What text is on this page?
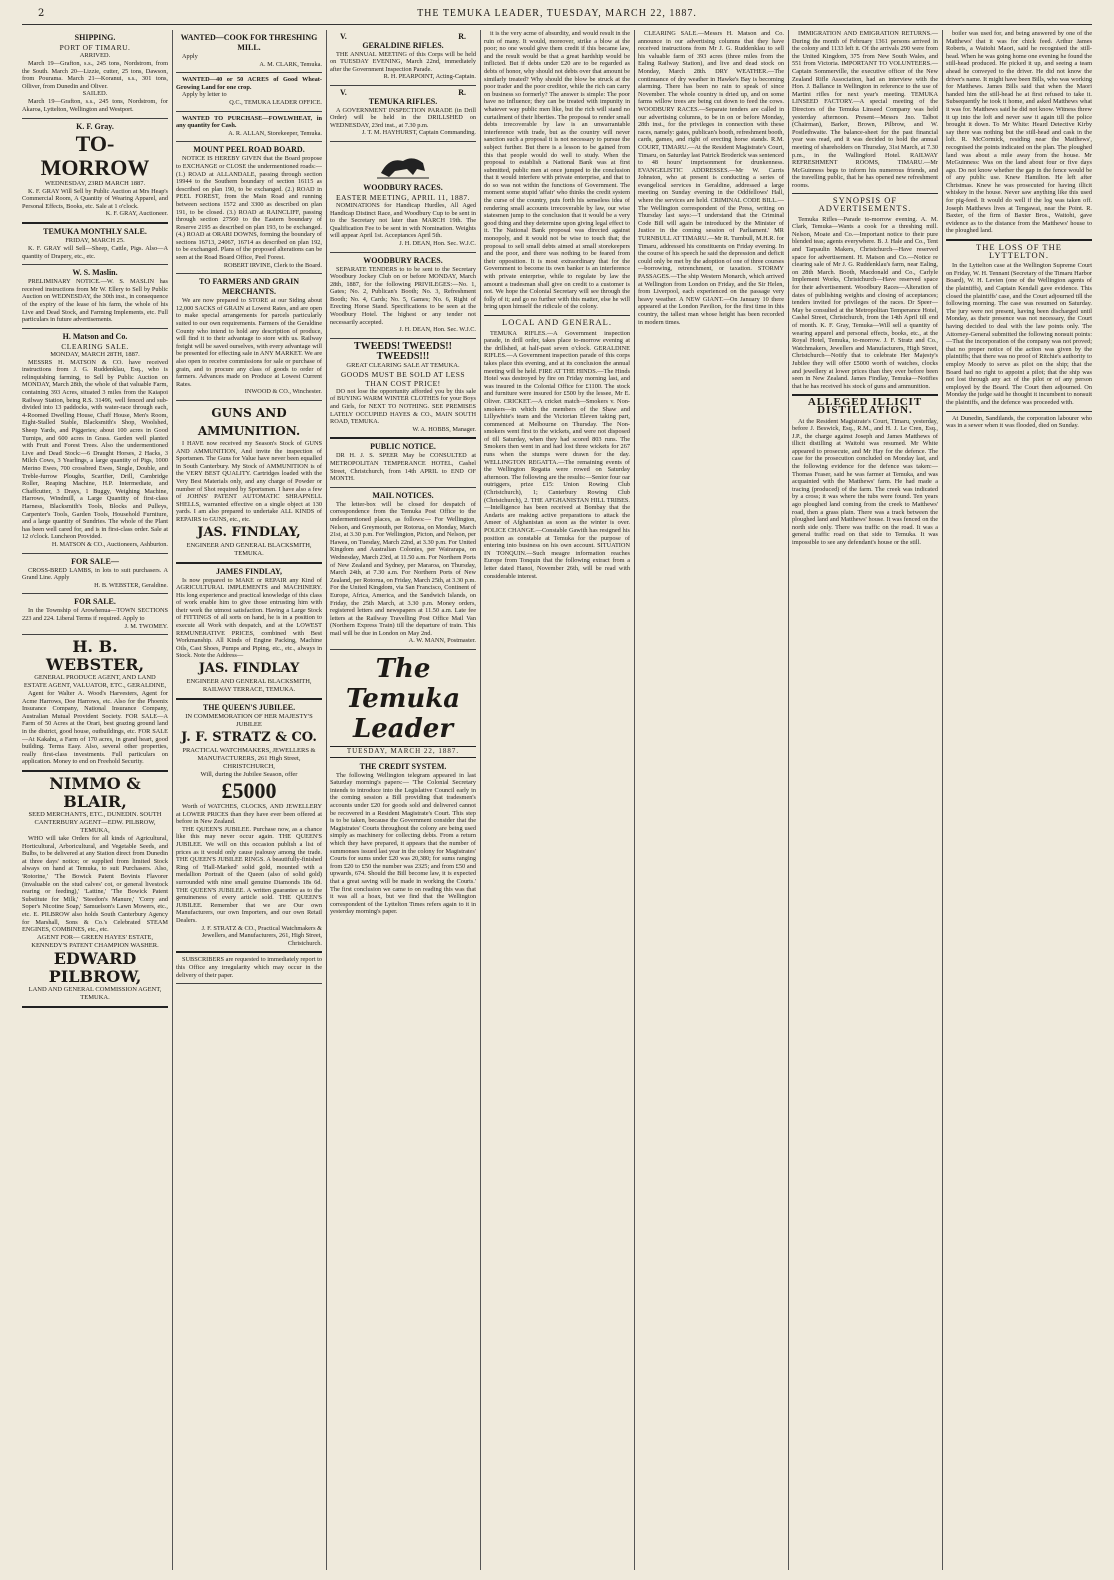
2	THE TEMUKA LEADER, TUESDAY, MARCH 22, 1887.
SHIPPING.
PORT OF TIMARU.
ARRIVED.
March 19—Grafton, s.s., 245 tons, Nordstrom, from the South. March 20—Lizzie, cutter, 25 tons, Dawson, from Pourama. March 21—Koranui, s.s., 301 tons, Olliver, from Dunedin and Oliver.
SAILED.
March 19—Grafton, s.s., 245 tons, Nordstrom, for Akaroa, Lyttelton, Wellington and Westport.
K. F. Gray.
TO-MORROW
WEDNESDAY, 23RD MARCH 1887.
K. F. GRAY Will Sell by Public Auction at Mrs Heap's Commercial Room, A Quantity of Wearing Apparel, and Personal Effects, Books, etc. Sale at 1 o'clock.
K. F. GRAY, Auctioneer.
TEMUKA MONTHLY SALE.
FRIDAY, MARCH 25.
K. F. GRAY will Sell—Sheep, Cattle, Pigs. Also—A quantity of Drapery, etc., etc.
W. S. Maslin.
PRELIMINARY NOTICE.—W. S. MASLIN has received instructions from Mr W. Ellery to Sell by Public Auction on WEDNESDAY, the 30th inst., in consequence of the expiry of the lease of his farm, the whole of his Live and Dead Stock, and Farming Implements, etc. Full particulars in future advertisements.
H. Matson and Co.
CLEARING SALE.
MONDAY, MARCH 28TH, 1887.
MESSRS H. MATSON & CO. have received instructions from J. G. Ruddenklau, Esq., who is relinquishing farming, to Sell by Public Auction on MONDAY, March 28th, the whole of that valuable Farm, containing 393 Acres, situated 3 miles from the Kaiapoi Railway Station, being R.S. 31496, well fenced and sub-divided into 13 paddocks, with water-race through each, 4-Roomed Dwelling House, Chaff House, Men's Room, Eight-Stalled Stable, Blacksmith's Shop, Woolshed, Sheep Yards, and Piggeries; about 100 acres in Good Turnips, and 600 acres in Grass. Garden well planted with Fruit and Forest Trees. Also the undermentioned Live and Dead Stock:—6 Draught Horses, 2 Hacks, 3 Milch Cows, 3 Yearlings, a large quantity of Pigs, 1000 Merino Ewes, 700 crossbred Ewes, Single, Double, and Treble-furrow Ploughs, Scarifier, Drill, Cambridge Roller, Reaping Machine, H.P. Intermediate, and Chaffcutter, 3 Drays, 1 Buggy, Weighing Machine, Harrows, Windmill, a Large Quantity of first-class Harness, Blacksmith's Tools, Blocks and Pulleys, Carpenter's Tools, Garden Tools, Household Furniture, and a large quantity of Sundries. The whole of the Plant has been well cared for, and is in first-class order. Sale at 12 o'clock. Luncheon Provided.
H. MATSON & CO., Auctioneers, Ashburton.
FOR SALE—
CROSS-BRED LAMBS, in lots to suit purchasers. A Grand Line. Apply
H. B. WEBSTER, Geraldine.
FOR SALE.
In the Township of Arowhenua—TOWN SECTIONS 223 and 224. Liberal Terms if required. Apply to
J. M. TWOMEY.
H. B. WEBSTER,
GENERAL PRODUCE AGENT, AND LAND ESTATE AGENT, VALUATOR, ETC., GERALDINE,
Agent for Walter A. Wood's Harvesters, Agent for Acme Harrows, Doe Harrows, etc. Also for the Phoenix Insurance Company, National Insurance Company, Australian Mutual Provident Society. FOR SALE—A Farm of 50 Acres at the Orari, best grazing ground land in the district, good house, outbuildings, etc. FOR SALE—At Kakahu, a Farm of 170 acres, in grand heart, good building. Terms Easy. Also, several other properties, really first-class investments. Full particulars on application. Money to end on Freehold Security.
NIMMO & BLAIR,
SEED MERCHANTS, ETC., DUNEDIN. SOUTH CANTERBURY AGENT—EDW. PILBROW, TEMUKA,
WHO will take Orders for all kinds of Agricultural, Horticultural, Arboricultural, and Vegetable Seeds, and Bulbs, to be delivered at any Station direct from Dunedin at three days' notice; or supplied from limited Stock always on hand at Temuka, to suit Purchasers. Also, 'Rotorine,' 'The Bowick Patent Bovinis Flavorer (invaluable on the stud calves' cot, or general livestock rearing or feeding),' 'Lattine,' 'The Bowick Patent Substitute for Milk,' 'Steedon's Manure,' 'Corry and Soper's Nicotine Soap,' Samuelson's Lawn Mowers, etc., etc. E. PILBROW also holds South Canterbury Agency for Marshall, Sons & Co.'s Celebrated STEAM ENGINES, COMBINES, etc., etc.
AGENT FOR— GREEN HAYES' ESTATE, KENNEDY'S PATENT CHAMPION WASHER.
EDWARD PILBROW,
LAND AND GENERAL COMMISSION AGENT, TEMUKA.
WANTED—COOK FOR THRESHING MILL.
Apply
A. M. CLARK, Temuka.
WANTED—40 or 50 ACRES of Good Wheat-Growing Land for one crop.
Apply by letter to
Q.C., TEMUKA LEADER OFFICE.
WANTED TO PURCHASE—FOWLWHEAT, in any quantity for Cash.
A. R. ALLAN, Storekeeper, Temuka.
MOUNT PEEL ROAD BOARD.
NOTICE IS HEREBY GIVEN that the Board propose to EXCHANGE or CLOSE the undermentioned roads:— (1.) ROAD at ALLANDALE, passing through section 19944 to the Southern boundary of section 16115 as described on plan 190, to be exchanged. (2.) ROAD in PEEL FOREST, from the Main Road and running between sections 1572 and 3300 as described on plan 191, to be closed. (3.) ROAD at RAINCLIFF, passing through section 27560 to the Eastern boundary of Reserve 2195 as described on plan 193, to be exchanged. (4.) ROAD at ORARI DOWNS, forming the boundary of sections 16713, 24067, 16714 as described on plan 192, to be exchanged. Plans of the proposed alterations can be seen at the Road Board Office, Peel Forest.
ROBERT IRVINE, Clerk to the Board.
TO FARMERS AND GRAIN MERCHANTS.
We are now prepared to STORE at our Siding about 12,000 SACKS of GRAIN at Lowest Rates, and are open to make special arrangements for parcels particularly suited to our own requirements. Farmers of the Geraldine County who intend to hold any description of produce, will find it to their advantage to store with us. Railway freight will be saved ourselves, with every advantage will be presented for effecting sale in ANY MARKET. We are also open to receive commissions for sale or purchase of grain, and to procure any class of goods to order of farmers. Advances made on Produce at Lowest Current Rates.
INWOOD & CO., Winchester.
GUNS AND AMMUNITION.
I HAVE now received my Season's Stock of GUNS AND AMMUNITION, And invite the inspection of Sportsmen. The Guns for Value have never been equalled in South Canterbury. My Stock of AMMUNITION is of the VERY BEST QUALITY. Cartridges loaded with the Very Best Materials only, and any charge of Powder or number of Shot required by Sportsmen. I have also a few of JOHNS' PATENT AUTOMATIC SHRAPNELL SHELLS, warranted effective on a single object at 130 yards. I am also prepared to undertake ALL KINDS of REPAIRS to GUNS, etc., etc.
JAS. FINDLAY,
ENGINEER AND GENERAL BLACKSMITH, TEMUKA.
JAMES FINDLAY,
Is now prepared to MAKE or REPAIR any Kind of AGRICULTURAL IMPLEMENTS and MACHINERY. His long experience and practical knowledge of this class of work enable him to give those entrusting him with their work the utmost satisfaction. Having a Large Stock of FITTINGS of all sorts on hand, he is in a position to execute all Work with despatch, and at the LOWEST REMUNERATIVE PRICES, combined with Best Workmanship. All Kinds of Engine Packing, Machine Oils, Cast Shoes, Pumps and Piping, etc., etc., always in Stock. Note the Address—
JAS. FINDLAY
ENGINEER AND GENERAL BLACKSMITH, RAILWAY TERRACE, TEMUKA.
THE QUEEN'S JUBILEE.
IN COMMEMORATION OF HER MAJESTY'S JUBILEE
J. F. STRATZ & CO.
PRACTICAL WATCHMAKERS, JEWELLERS & MANUFACTURERS, 261 High Street, CHRISTCHURCH,
Will, during the Jubilee Season, offer
£5000
Worth of WATCHES, CLOCKS, AND JEWELLERY at LOWER PRICES than they have ever been offered at before in New Zealand.
THE QUEEN'S JUBILEE. Purchase now, as a chance like this may never occur again. THE QUEEN'S JUBILEE. We will on this occasion publish a list of prices as it would only cause jealousy among the trade. THE QUEEN'S JUBILEE RINGS. A beautifully-finished Ring of 'Hall-Marked' solid gold, mounted with a medallion Portrait of the Queen (also of solid gold) surrounded with nine small genuine Diamonds 18s 6d. THE QUEEN'S JUBILEE. A written guarantee as to the genuineness of every article sold. THE QUEEN'S JUBILEE. Remember that we are Our own Manufacturers, our own Importers, and our own Retail Dealers.
J. F. STRATZ & CO., Practical Watchmakers & Jewellers, and Manufacturers, 261, High Street, Christchurch.
SUBSCRIBERS are requested to immediately report to this Office any irregularity which may occur in the delivery of their paper.
V.	R.
GERALDINE RIFLES.
THE ANNUAL MEETING of this Corps will be held on TUESDAY EVENING, March 22nd, immediately after the Government Inspection Parade.
R. H. PEARPOINT, Acting-Captain.
V.	R.
TEMUKA RIFLES.
A GOVERNMENT INSPECTION PARADE (in Drill Order) will be held in the DRILLSHED on WEDNESDAY, 23rd inst., at 7.30 p.m.
J. T. M. HAYHURST, Captain Commanding.
WOODBURY RACES.
EASTER MEETING, APRIL 11, 1887.
NOMINATIONS for Handicap Hurdles, All Aged Handicap Distinct Race, and Woodbury Cup to be sent in to the Secretary not later than MARCH 19th. The Qualification Fee to be sent in with Nomination. Weights will appear April 1st. Acceptances April 5th.
J. H. DEAN, Hon. Sec. W.J.C.
WOODBURY RACES.
SEPARATE TENDERS to to be sent to the Secretary Woodbury Jockey Club on or before MONDAY, March 28th, 1887, for the following PRIVILEGES:—No. 1, Gates; No. 2, Publican's Booth; No. 3, Refreshment Booth; No. 4, Cards; No. 5, Games; No. 6, Right of Erecting Horse Stand. Specifications to be seen at the Woodbury Hotel. The highest or any tender not necessarily accepted.
J. H. DEAN, Hon. Sec. W.J.C.
TWEEDS! TWEEDS!! TWEEDS!!!
GREAT CLEARING SALE AT TEMUKA.
GOODS MUST BE SOLD AT LESS THAN COST PRICE!
DO not lose the opportunity afforded you by this sale of BUYING WARM WINTER CLOTHES for your Boys and Girls, for NEXT TO NOTHING. SEE PREMISES LATELY OCCUPIED HAYES & CO., MAIN SOUTH ROAD, TEMUKA.
W. A. HOBBS, Manager.
PUBLIC NOTICE.
DR H. J. S. SPEER May be CONSULTED at METROPOLITAN TEMPERANCE HOTEL, Cashel Street, Christchurch, from 14th APRIL to END OF MONTH.
MAIL NOTICES.
The letter-box will be closed for despatch of correspondence from the Temuka Post Office to the undermentioned places, as follows:— For Wellington, Nelson, and Greymouth, per Rotorua, on Monday, March 21st, at 3.30 p.m. For Wellington, Picton, and Nelson, per Hawea, on Tuesday, March 22nd, at 3.30 p.m. For United Kingdom and Australian Colonies, per Wairarapa, on Wednesday, March 23rd, at 11.50 a.m. For Northern Ports of New Zealand and Sydney, per Mararoa, on Thursday, March 24th, at 7.30 a.m. For Northern Ports of New Zealand, per Rotorua, on Friday, March 25th, at 3.30 p.m. For the United Kingdom, via San Francisco, Continent of Europe, Africa, America, and the Sandwich Islands, on Friday, the 25th March, at 3.30 p.m. Money orders, registered letters and newspapers at 11.50 a.m. Late fee letters at the Railway Travelling Post Office Mail Van (Northern Express Train) till the departure of train. This mail will be due in London on May 2nd.
A. W. MANN, Postmaster.
The Temuka Leader
TUESDAY, MARCH 22, 1887.
THE CREDIT SYSTEM.
The following Wellington telegram appeared in last Saturday morning's papers:— 'The Colonial Secretary intends to introduce into the Legislative Council early in the coming session a Bill providing that tradesmen's accounts under £20 for goods sold and delivered cannot be recovered in a Resident Magistrate's Court. This step is to be taken, because the Government consider that the Magistrates' Courts throughout the colony are being used simply as machinery for collecting debts. From a return which they have prepared, it appears that the number of summonses issued last year in the colony for Magistrates' Courts for sums under £20 was 20,380; for sums ranging from £20 to £50 the number was 2325; and from £50 and upwards, 674. Should the Bill become law, it is expected that a great saving will be made in working the Courts.' The first conclusion we came to on reading this was that it was all a hoax, but we find that the Wellington correspondent of the Lyttelton Times refers again to it in yesterday morning's paper.
it is the very acme of absurdity, and would result in the ruin of many. It would, moreover, strike a blow at the poor; no one would give them credit if this became law, and the result would be that a great hardship would be inflicted. But if debts under £20 are to be regarded as debts of honor, why should not debts over that amount be similarly treated? Why should the blow be struck at the poor trader and the poor creditor, while the rich can carry on business so formerly? The answer is simple: The poor have no influence; they can be treated with impunity in whatever way public men like, but the rich will stand no curtailment of their liberties. The proposal to render small debts irrecoverable by law is an unwarrantable interference with trade, but as the country will never sanction such a proposal it is not necessary to pursue the subject further. But there is a lesson to be gained from this that people would do well to study. When the proposal to establish a National Bank was at first submitted, public men at once jumped to the conclusion that it would interfere with private enterprise, and that to do so was not within the functions of Government. The moment some stupid 'affair' who thinks the credit system the curse of the country, puts forth his senseless idea of rendering small accounts irrecoverable by law, our wise statesmen jump to the conclusion that it would be a very good thing and they determine upon giving legal effect to it. The National Bank proposal was directed against monopoly, and it would not be wise to touch that; the proposal to sell small debts aimed at small storekeepers and the poor, and there was nothing to be feared from their opposition. It is most extraordinary that for the Government to become its own banker is an interference with private enterprise, while to regulate by law the amount a tradesman shall give on credit to a customer is not. We hope the Colonial Secretary will see through the folly of it; and go no further with this matter, else he will bring upon himself the ridicule of the colony.
LOCAL AND GENERAL.
TEMUKA RIFLES.—A Government inspection parade, in drill order, takes place to-morrow evening at the drillshed, at half-past seven o'clock. GERALDINE RIFLES.—A Government inspection parade of this corps takes place this evening, and at its conclusion the annual meeting will be held. FIRE AT THE HINDS.—The Hinds Hotel was destroyed by fire on Friday morning last, and was insured in the Colonial Office for £1100. The stock and furniture were insured for £500 by the lessee, Mr E. Oliver. CRICKET.—A cricket match—Smokers v. Non-smokers—in which the members of the Shaw and Lillywhite's team and the Victorian Eleven taking part, commenced at Melbourne on Thursday. The Non-smokers went first to the wickets, and were not disposed of till Saturday, when they had scored 803 runs. The Smokers then went in and had lost three wickets for 267 runs when the stumps were drawn for the day. WELLINGTON REGATTA.—The remaining events of the Wellington Regatta were rowed on Saturday afternoon. The following are the results:—Senior four oar outriggers, prize £15: Union Rowing Club (Christchurch), 1; Canterbury Rowing Club (Christchurch), 2. THE AFGHANISTAN HILL TRIBES.—Intelligence has been received at Bombay that the Andaris are making active preparations to attack the Ameer of Afghanistan as soon as the winter is over. POLICE CHANGE.—Constable Gawith has resigned his position as constable at Temuka for the purpose of entering into business on his own account. SITUATION IN TONQUIN.—Such meagre information reaches Europe from Tonquin that the following extract from a letter dated Hanoi, November 26th, will be read with considerable interest.
CLEARING SALE.—Messrs H. Matson and Co. announce in our advertising columns that they have received instructions from Mr J. G. Ruddenklau to sell his valuable farm of 393 acres (three miles from the Ealing Railway Station), and live and dead stock on Monday, March 28th. DRY WEATHER.—The continuance of dry weather in Hawke's Bay is becoming alarming. There has been no rain to speak of since November. The whole country is dried up, and on some farms willow trees are being cut down to feed the cows. WOODBURY RACES.—Separate tenders are called in our advertising columns, to be in on or before Monday, 28th inst., for the privileges in connection with these races, namely: gates, publican's booth, refreshment booth, cards, games, and right of erecting horse stands. R.M. COURT, TIMARU.—At the Resident Magistrate's Court, Timaru, on Saturday last Patrick Broderick was sentenced to 48 hours' imprisonment for drunkenness. EVANGELISTIC ADDRESSES.—Mr W. Carris Johnston, who at present is conducting a series of evangelical services in Geraldine, addressed a large meeting on Sunday evening in the Oddfellows' Hall, where the services are held. CRIMINAL CODE BILL.—The Wellington correspondent of the Press, writing on Thursday last says:—'I understand that the Criminal Code Bill will again be introduced by the Minister of Justice in the coming session of Parliament.' MR TURNBULL AT TIMARU.—Mr R. Turnbull, M.H.R. for Timaru, addressed his constituents on Friday evening. In the course of his speech he said the depression and deficit could only be met by the adoption of one of three courses—borrowing, retrenchment, or taxation. STORMY PASSAGES.—The ship Western Monarch, which arrived at Wellington from London on Friday, and the Sir Helen, from Liverpool, each experienced on the passage very heavy weather. A NEW GIANT.—On January 10 there appeared at the London Pavilion, for the first time in this country, the tallest man whose height has been recorded in modern times.
IMMIGRATION AND EMIGRATION RETURNS.—During the month of February 1361 persons arrived in the colony and 1133 left it. Of the arrivals 290 were from the United Kingdom, 375 from New South Wales, and 551 from Victoria. IMPORTANT TO VOLUNTEERS.—Captain Sommerville, the executive officer of the New Zealand Rifle Association, had an interview with the Hon. J. Ballance in Wellington in reference to the use of Martini rifles for next year's meeting. TEMUKA LINSEED FACTORY.—A special meeting of the Directors of the Temuka Linseed Company was held yesterday afternoon. Present—Messrs Jno. Talbot (Chairman), Barker, Brown, Pilbrow, and W. Postlethwaite. The balance-sheet for the past financial year was read, and it was decided to hold the annual meeting of shareholders on Thursday, 31st March, at 7.30 p.m., in the Wallingford Hotel. RAILWAY REFRESHMENT ROOMS, TIMARU.—Mr McGuinness begs to inform his numerous friends, and the travelling public, that he has opened new refreshment rooms.
SYNOPSIS OF ADVERTISEMENTS.
Temuka Rifles—Parade to-morrow evening. A. M. Clark, Temuka—Wants a cook for a threshing mill. Nelson, Moate and Co.—Important notice to their pure blended teas; agents everywhere. B. J. Hale and Co., Tent and Tarpaulin Makers, Christchurch—Have reserved space for advertisement. H. Matson and Co.—Notice re clearing sale of Mr J. G. Ruddenklau's farm, near Ealing, on 28th March. Booth, Macdonald and Co., Carlyle Implement Works, Christchurch—Have reserved space for their advertisement. Woodbury Races—Alteration of dates of publishing weights and closing of acceptances; tenders invited for privileges of the races. Dr Speer—May be consulted at the Metropolitan Temperance Hotel, Cashel Street, Christchurch, from the 14th April till end of month. K. F. Gray, Temuka—Will sell a quantity of wearing apparel and personal effects, books, etc., at the Royal Hotel, Temuka, to-morrow. J. F. Stratz and Co., Watchmakers, Jewellers and Manufacturers, High Street, Christchurch—Notify that to celebrate Her Majesty's Jubilee they will offer £5000 worth of watches, clocks and jewellery at lower prices than they ever before been seen in New Zealand. James Findlay, Temuka—Notifies that he has received his stock of guns and ammunition.
ALLEGED ILLICIT DISTILLATION.
At the Resident Magistrate's Court, Timaru, yesterday, before J. Beswick, Esq., R.M., and H. J. Le Cren, Esq., J.P., the charge against Joseph and James Matthews of illicit distilling at Waitohi was resumed. Mr White appeared to prosecute, and Mr Hay for the defence. The case for the prosecution concluded on Monday last, and the following evidence for the defence was taken:— Thomas Fraser, said he was farmer at Temuka, and was acquainted with the Matthews' farm. He had made a tracing (produced) of the farm. The creek was indicated by a cross; it was where the tubs were found. Ten years ago ploughed land coming from the creek to Matthews' road, then a grass plain. There was a track between the ploughed land and Matthews' house. It was fenced on the north side only. There was traffic on the road. It was a general traffic road on that side to Temuka. It was impossible to see any defendant's house or the still.
boiler was used for, and being answered by one of the Matthews' that it was for chick feed. Arthur James Roberts, a Waitohi Maori, said he recognised the still-head. When he was going home one evening he found the still-head produced. He picked it up, and seeing a team ahead he conveyed to the driver. He did not know the driver's name. It might have been Bills, who was working for Matthews. James Bills said that when the Maori handed him the still-head he at first refused to take it. Subsequently he took it home, and asked Matthews what it was for. Matthews said he did not know. Witness threw it up into the loft and never saw it again till the police brought it down. To Mr White: Heard Detective Kirby say there was nothing but the still-head and cask in the loft. R. McCormick, residing near the Matthews', recognised the points indicated on the plan. The ploughed land was about a mile away from the house. Mr McGuinness: Was on the land about four or five days ago. Do not know whether the gap in the fence would be of any public use. Knew Hamilton. He left after Christmas. Knew he was prosecuted for having illicit whiskey in the house. Never saw anything like this used for pig-feed. It would do well if the log was taken off. Joseph Matthews lives at Tengawai, near the Point. R. Baxter, of the firm of Baxter Bros., Waitohi, gave evidence as to the distance from the Matthews' house to the ploughed land.
THE LOSS OF THE LYTTELTON.
In the Lyttelton case at the Wellington Supreme Court on Friday, W. H. Tennant (Secretary of the Timaru Harbor Board), W. H. Levien (one of the Wellington agents of the plaintiffs), and Captain Kendall gave evidence. This closed the plaintiffs' case, and the Court adjourned till the following morning. The case was resumed on Saturday. The jury were not present, having been discharged until Monday, as their presence was not necessary, the Court having decided to deal with the law points only. The Attorney-General submitted the following nonsuit points:—That the incorporation of the company was not proved; that no proper notice of the action was given by the plaintiffs; that there was no proof of Ritchie's authority to employ Moody to serve as pilot on the ship; that the Board had no right to appoint a pilot; that the ship was not lost through any act of the pilot or of any person employed by the Board. The Court then adjourned. On Monday the judge said he thought it incumbent to nonsuit the plaintiffs, and the defence was proceeded with.
At Dunedin, Sandilands, the corporation labourer who was in a sewer when it was flooded, died on Sunday.
